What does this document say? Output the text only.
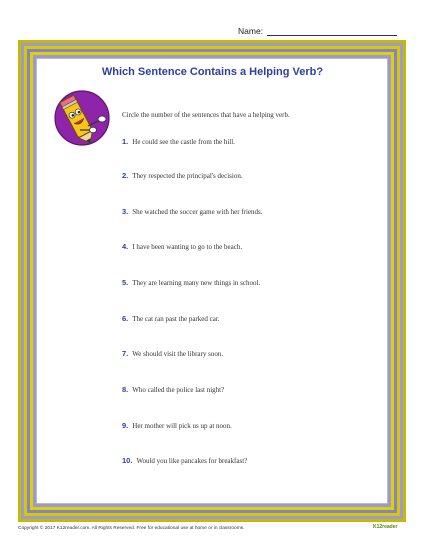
Name:
Which Sentence Contains a Helping Verb?
Circle the number of the sentences that have a helping verb.
1. He could see the castle from the hill.
2. They respected the principal's decision.
3. She watched the soccer game with her friends.
4. I have been wanting to go to the beach.
5. They are learning many new things in school.
6. The cat ran past the parked car.
7. We should visit the library soon.
8. Who called the police last night?
9. Her mother will pick us up at noon.
10. Would you like pancakes for breakfast?
Copyright © 2017 K12reader.com. All Rights Reserved. Free for educational use at home or in classrooms.	K12reader
